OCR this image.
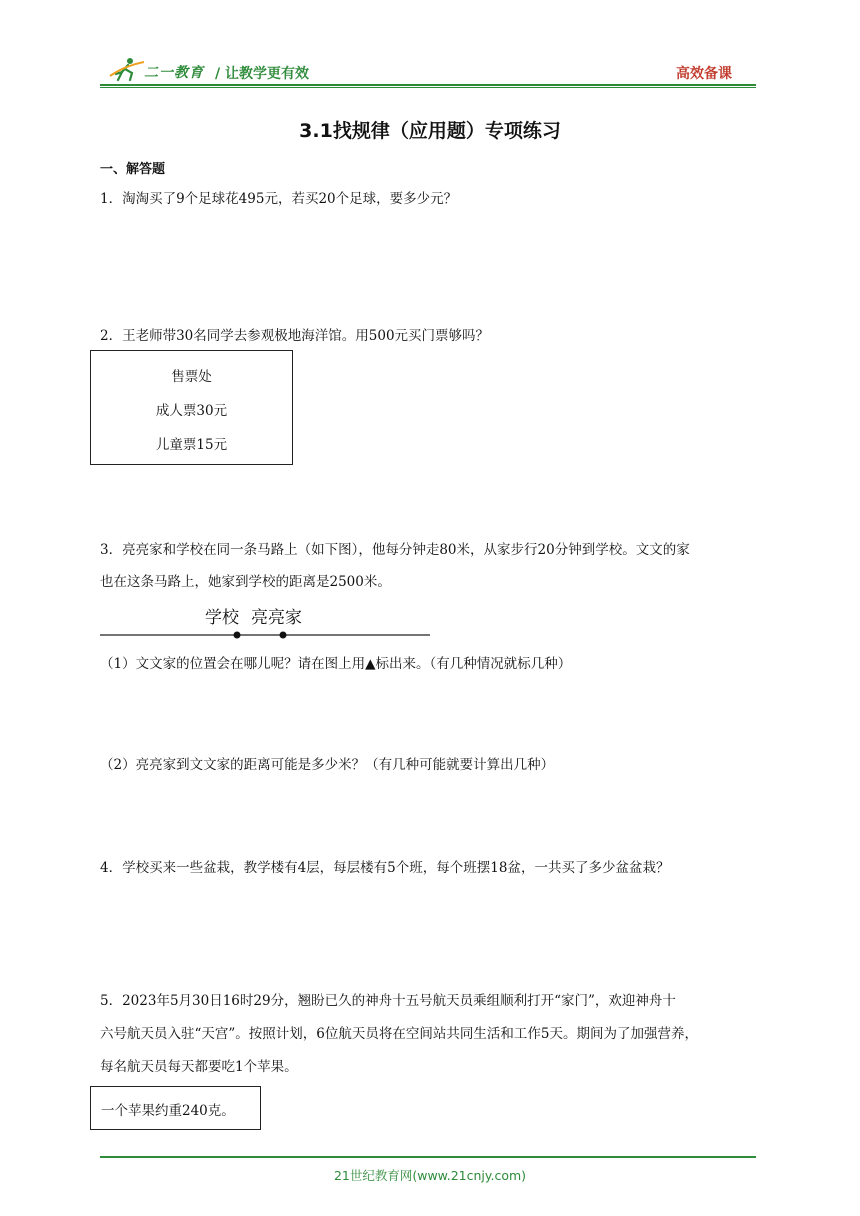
二一教育 / 让教学更有效	高效备课
3.1找规律（应用题）专项练习
一、解答题
1．淘淘买了9个足球花495元，若买20个足球，要多少元？
2．王老师带30名同学去参观极地海洋馆。用500元买门票够吗？
售票处
成人票30元
儿童票15元
3．亮亮家和学校在同一条马路上（如下图），他每分钟走80米，从家步行20分钟到学校。文文的家
也在这条马路上，她家到学校的距离是2500米。
学校 亮亮家
（1）文文家的位置会在哪儿呢？请在图上用▲标出来。（有几种情况就标几种）
（2）亮亮家到文文家的距离可能是多少米？（有几种可能就要计算出几种）
4．学校买来一些盆栽，教学楼有4层，每层楼有5个班，每个班摆18盆，一共买了多少盆盆栽？
5．2023年5月30日16时29分，翘盼已久的神舟十五号航天员乘组顺利打开“家门”，欢迎神舟十
六号航天员入驻“天宫”。按照计划，6位航天员将在空间站共同生活和工作5天。期间为了加强营养，
每名航天员每天都要吃1个苹果。
一个苹果约重240克。
21世纪教育网(www.21cnjy.com)
